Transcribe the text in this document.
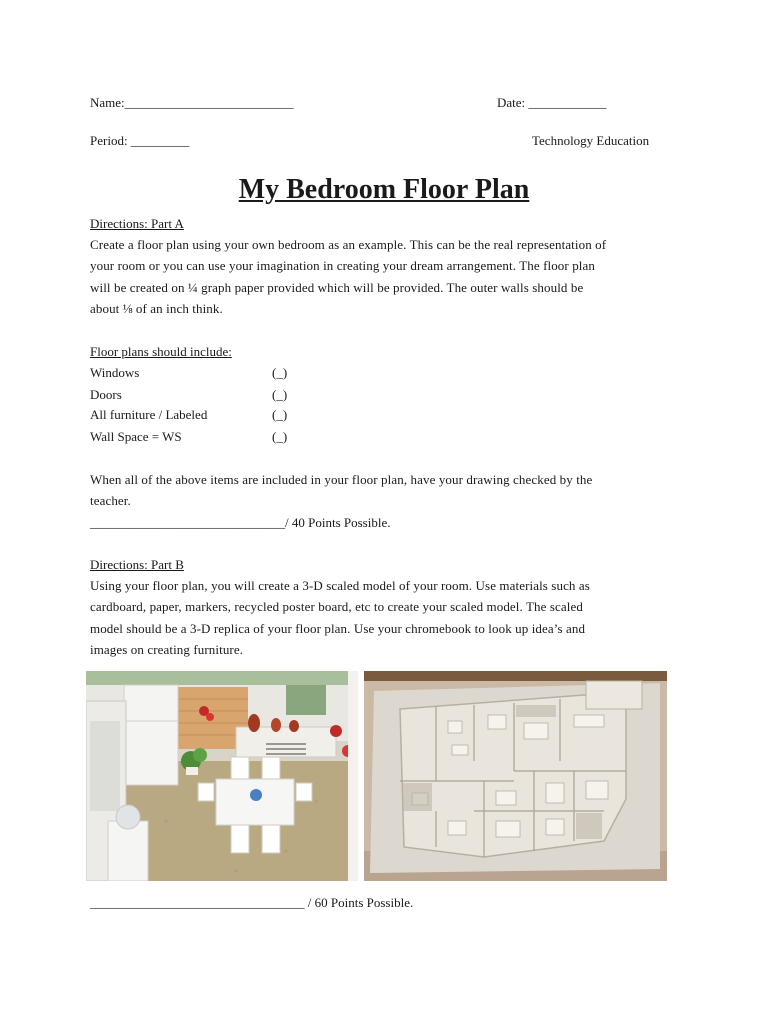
Name:__________________________	Date: ____________
Period: _________	Technology Education
My Bedroom Floor Plan
Directions: Part A
Create a floor plan using your own bedroom as an example. This can be the real representation of
your room or you can use your imagination in creating your dream arrangement. The floor plan
will be created on ¼ graph paper provided which will be provided. The outer walls should be
about ⅛ of an inch think.
Floor plans should include:
Windows	(_)
Doors	(_)
All furniture / Labeled	(_)
Wall Space = WS	(_)
When all of the above items are included in your floor plan, have your drawing checked by the
teacher.
______________________________/ 40 Points Possible.
Directions: Part B
Using your floor plan, you will create a 3-D scaled model of your room. Use materials such as
cardboard, paper, markers, recycled poster board, etc to create your scaled model. The scaled
model should be a 3-D replica of your floor plan. Use your chromebook to look up idea’s and
images on creating furniture.
_________________________________ / 60 Points Possible.
